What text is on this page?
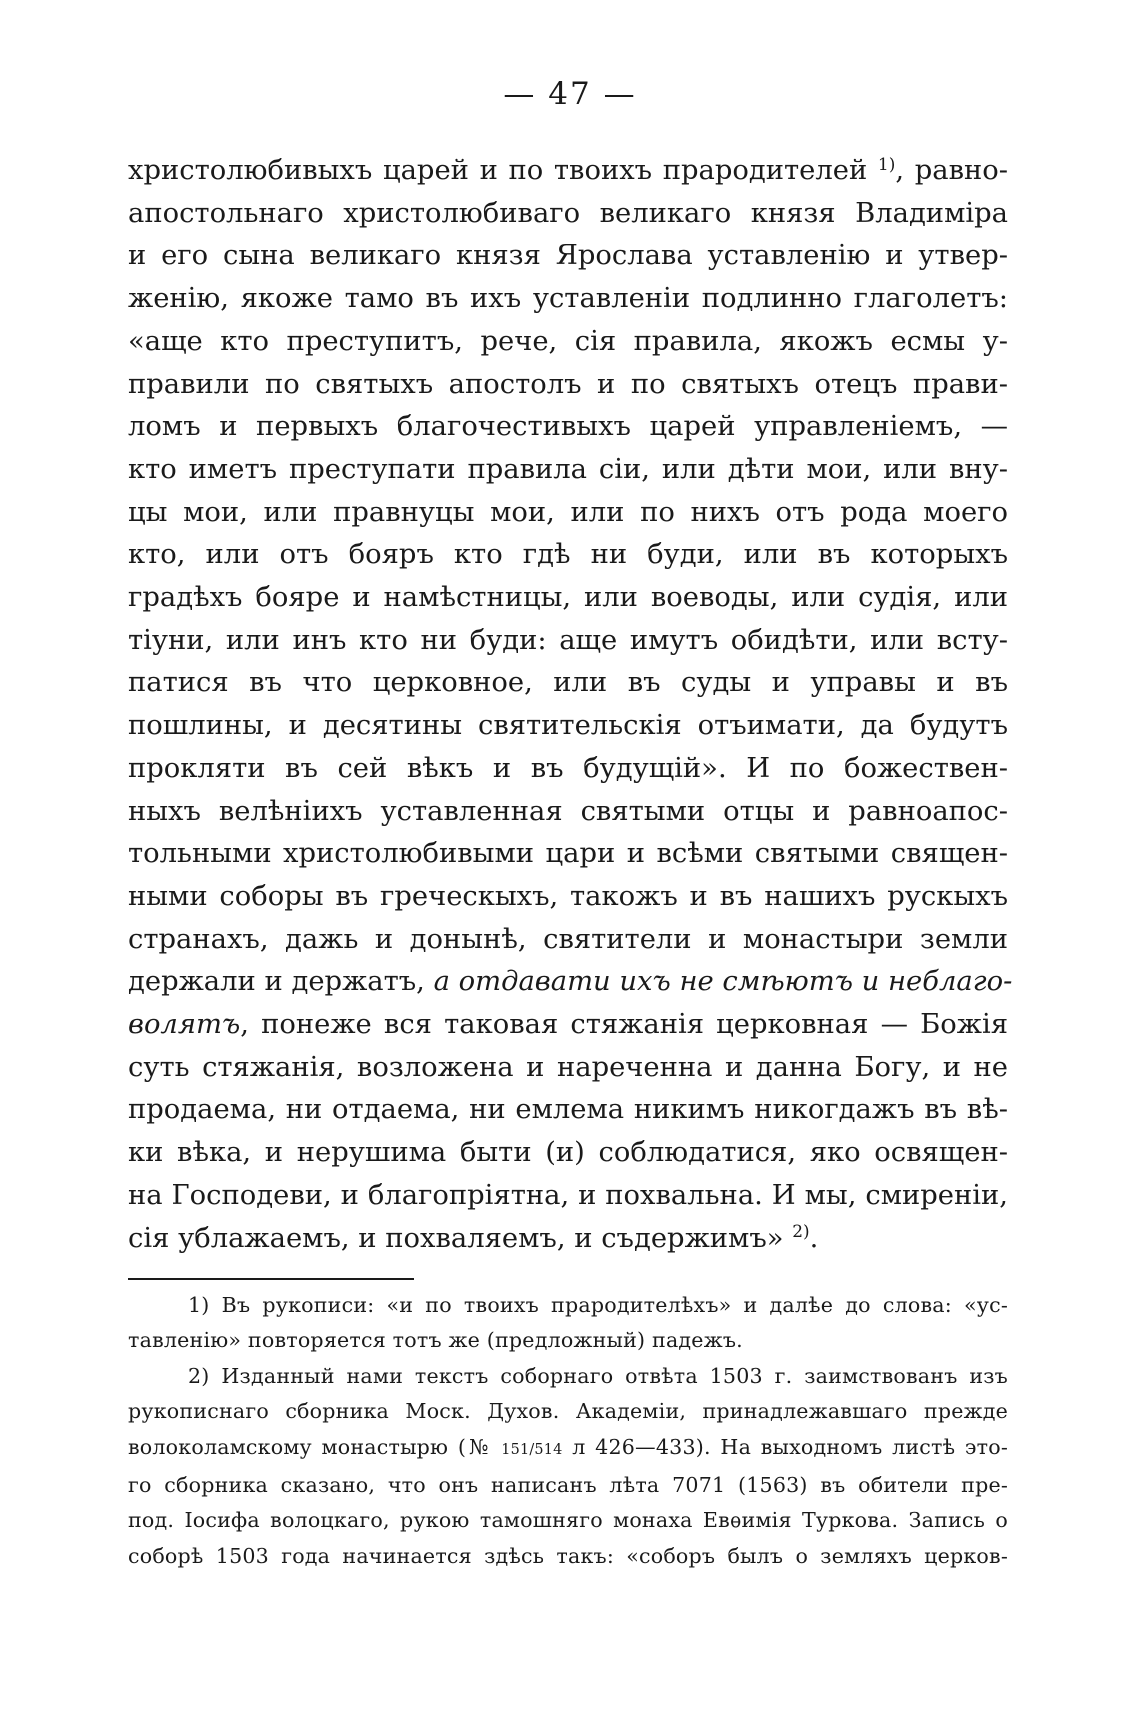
— 47 —
христолюбивыхъ царей и по твоихъ прародителей $^{1)}$, равно-
апостольнаго христолюбиваго великаго князя Владиміра
и его сына великаго князя Ярослава уставленію и утвер-
женію, якоже тамо въ ихъ уставленіи подлинно глаголетъ:
«аще кто преступитъ, рече, сія правила, якожъ есмы у-
правили по святыхъ апостолъ и по святыхъ отецъ прави-
ломъ и первыхъ благочестивыхъ царей управленіемъ, —
кто иметъ преступати правила сіи, или дѣти мои, или вну-
цы мои, или правнуцы мои, или по нихъ отъ рода моего
кто, или отъ бояръ кто гдѣ ни буди, или въ которыхъ
градѣхъ бояре и намѣстницы, или воеводы, или судія, или
тіуни, или инъ кто ни буди: аще имутъ обидѣти, или всту-
патися въ что церковное, или въ суды и управы и въ
пошлины, и десятины святительскія отъимати, да будутъ
прокляти въ сей вѣкъ и въ будущій». И по божествен-
ныхъ велѣніихъ уставленная святыми отцы и равноапос-
тольными христолюбивыми цари и всѣми святыми священ-
ными соборы въ греческыхъ, такожъ и въ нашихъ рускыхъ
странахъ, дажь и донынѣ, святители и монастыри земли
держали и держатъ, а отдавати ихъ не смѣютъ и неблаго-
волятъ, понеже вся таковая стяжанія церковная — Божія
суть стяжанія, возложена и нареченна и данна Богу, и не
продаема, ни отдаема, ни емлема никимъ никогдажъ въ вѣ-
ки вѣка, и нерушима быти (и) соблюдатися, яко освящен-
на Господеви, и благопріятна, и похвальна. И мы, смиреніи,
сія ублажаемъ, и похваляемъ, и съдержимъ» $^{2)}$.
1) Въ рукописи: «и по твоихъ прародителѣхъ» и далѣе до слова: «ус-
тавленію» повторяется тотъ же (предложный) падежъ.
2) Изданный нами текстъ соборнаго отвѣта 1503 г. заимствованъ изъ
рукописнаго сборника Моск. Духов. Академіи, принадлежавшаго прежде
волоколамскому монастырю (№ 151/514 л 426—433). На выходномъ листѣ это-
го сборника сказано, что онъ написанъ лѣта 7071 (1563) въ обители пре-
под. Іосифа волоцкаго, рукою тамошняго монаха Евѳимія Туркова. Запись о
соборѣ 1503 года начинается здѣсь такъ: «соборъ былъ о земляхъ церков-
